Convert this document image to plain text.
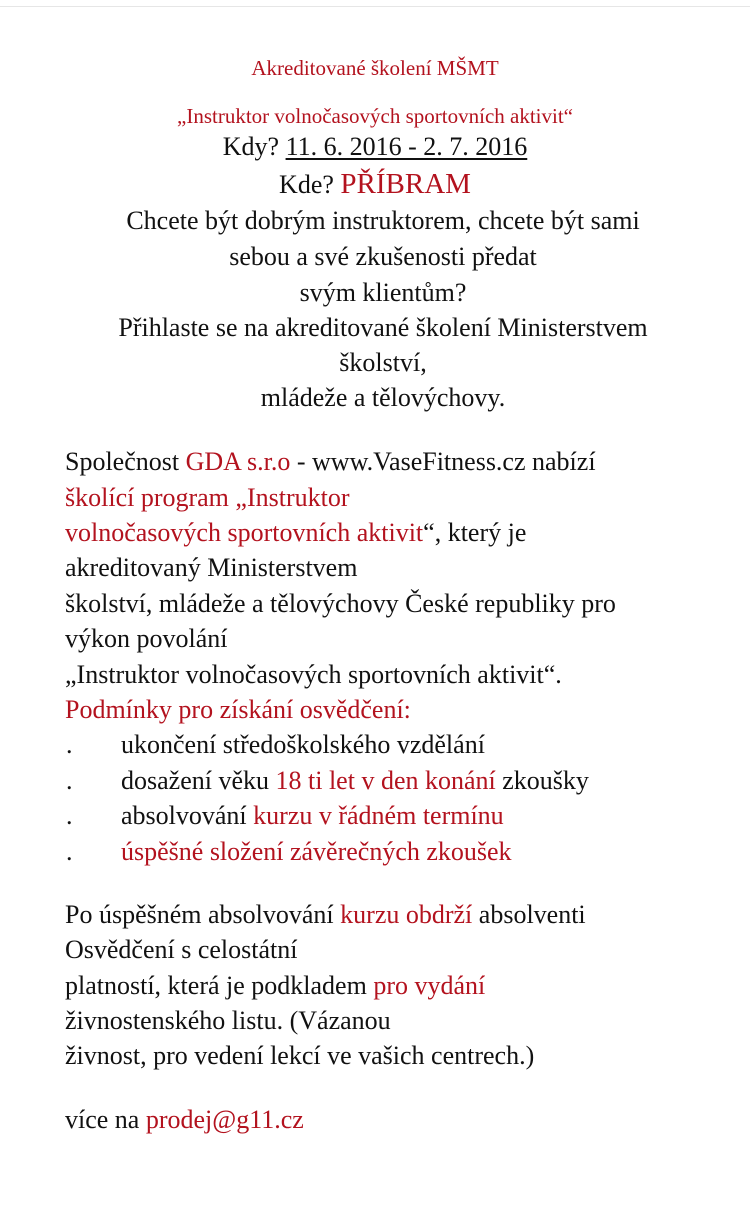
Akreditované školení MŠMT
„Instruktor volnočasových sportovních aktivit“
Kdy? 11. 6. 2016 - 2. 7. 2016
Kde? PŘÍBRAM
Chcete být dobrým instruktorem, chcete být sami
sebou a své zkušenosti předat
svým klientům?
Přihlaste se na akreditované školení Ministerstvem
školství,
mládeže a tělovýchovy.
Společnost GDA s.r.o - www.VaseFitness.cz nabízí
školící program „Instruktor
volnočasových sportovních aktivit“, který je
akreditovaný Ministerstvem
školství, mládeže a tělovýchovy České republiky pro
výkon povolání
„Instruktor volnočasových sportovních aktivit“.
Podmínky pro získání osvědčení:
. ukončení středoškolského vzdělání
. dosažení věku 18 ti let v den konání zkoušky
. absolvování kurzu v řádném termínu
. úspěšné složení závěrečných zkoušek
Po úspěšném absolvování kurzu obdrží absolventi
Osvědčení s celostátní
platností, která je podkladem pro vydání
živnostenského listu. (Vázanou
živnost, pro vedení lekcí ve vašich centrech.)
více na prodej@g11.cz
